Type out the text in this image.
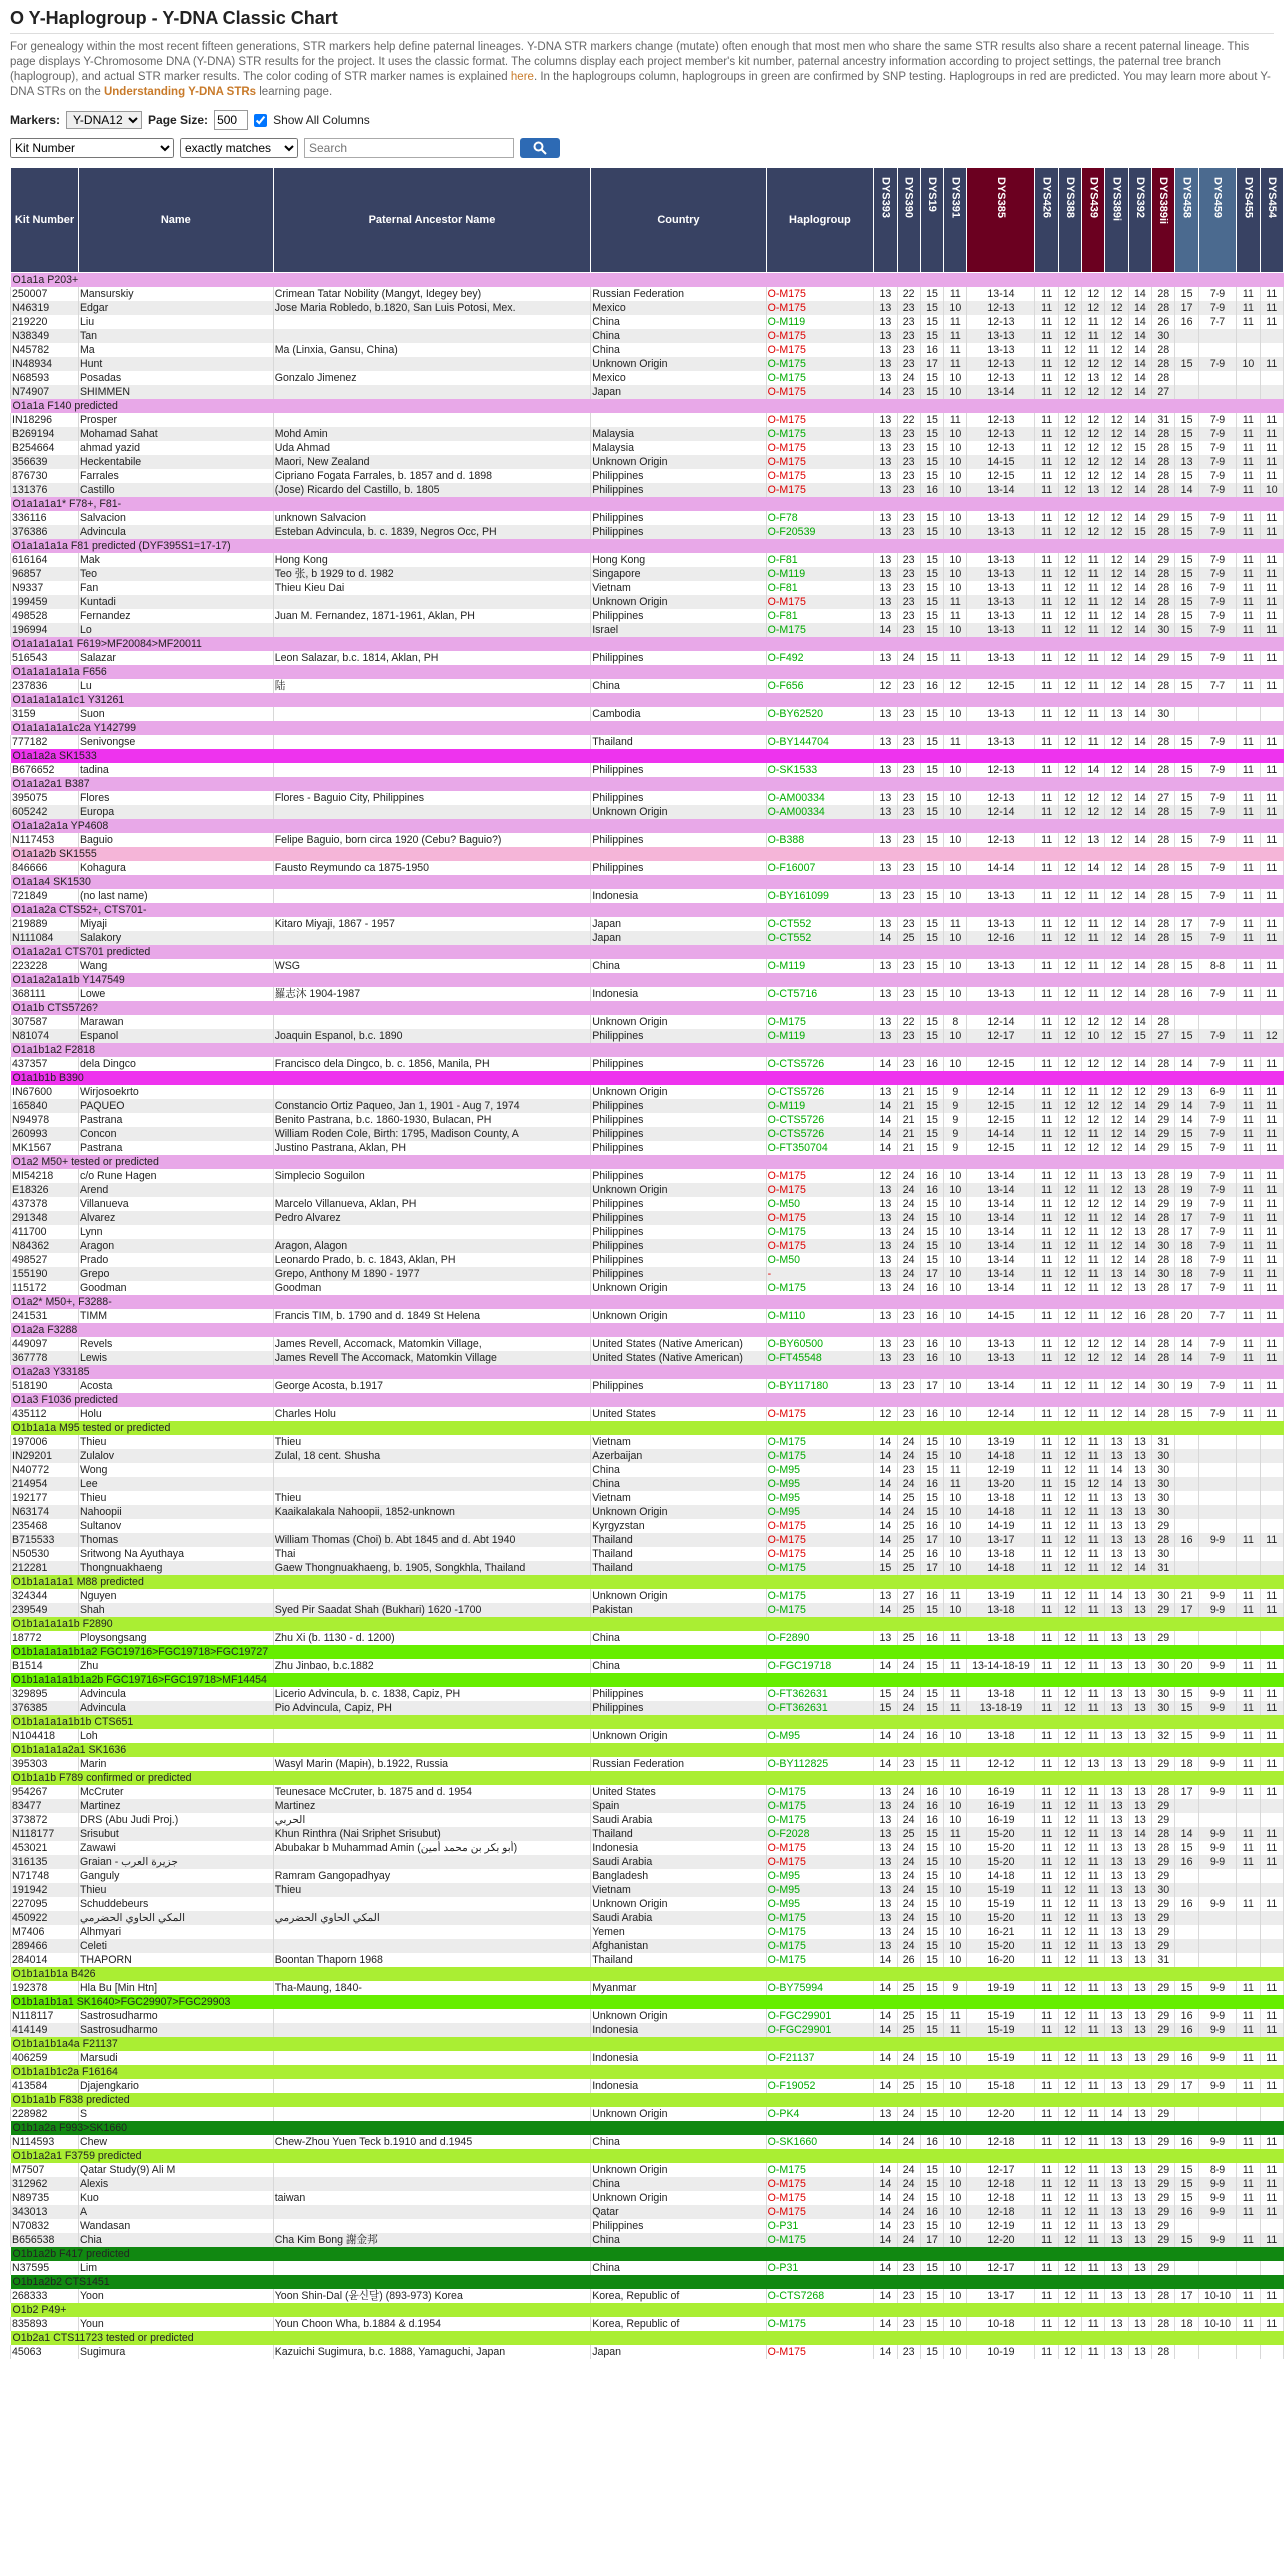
O Y-Haplogroup - Y-DNA Classic Chart

For genealogy within the most recent fifteen generations, STR markers help define paternal lineages. Y-DNA STR markers change (mutate) often enough that most men who share the same STR results also share a recent paternal lineage. This page displays Y-Chromosome DNA (Y-DNA) STR results for the project. It uses the classic format. The columns display each project member's kit number, paternal ancestry information according to project settings, the paternal tree branch (haplogroup), and actual STR marker results. The color coding of STR marker names is explained here. In the haplogroups column, haplogroups in green are confirmed by SNP testing. Haplogroups in red are predicted. You may learn more about Y-DNA STRs on the Understanding Y-DNA STRs learning page.

Markers:
Y-DNA12	Page Size:
500	Show All Columns
Kit Number
exactly matches
Search
Kit Number	Name	Paternal Ancestor Name	Country	Haplogroup	DYS393	DYS390	DYS19	DYS391	DYS385	DYS426	DYS388	DYS439	DYS389i	DYS392	DYS389ii	DYS458	DYS459	DYS455	DYS454

O1a1a P203+																			
250007	Mansurskiy	Crimean Tatar Nobility (Mangyt, Idegey bey)	Russian Federation	O-M175	13	22	15	11	13-14	11	12	12	12	14	28	15	7-9	11	11
N46319	Edgar	Jose Maria Robledo, b.1820, San Luis Potosi, Mex.	Mexico	O-M175	13	23	15	10	12-13	11	12	12	12	14	28	17	7-9	11	11
219220	Liu		China	O-M119	13	23	15	11	12-13	11	12	11	12	14	26	16	7-7	11	11
N38349	Tan		China	O-M175	13	23	15	11	13-13	11	12	11	12	14	30				
N45782	Ma	Ma (Linxia, Gansu, China)	China	O-M175	13	23	16	11	13-13	11	12	11	12	14	28				
IN48934	Hunt		Unknown Origin	O-M175	13	23	17	11	12-13	11	12	12	12	14	28	15	7-9	10	11
N68593	Posadas	Gonzalo Jimenez	Mexico	O-M175	13	24	15	10	12-13	11	12	13	12	14	28				
N74907	SHIMMEN		Japan	O-M175	14	23	15	10	13-14	11	12	12	12	14	27				
O1a1a F140 predicted																			
IN18296	Prosper			O-M175	13	22	15	11	12-13	11	12	12	12	14	31	15	7-9	11	11
B269194	Mohamad Sahat	Mohd Amin	Malaysia	O-M175	13	23	15	10	12-13	11	12	12	12	14	28	15	7-9	11	11
B254664	ahmad yazid	Uda Ahmad	Malaysia	O-M175	13	23	15	10	12-13	11	12	12	12	15	28	15	7-9	11	11
356639	Heckentabile	Maori, New Zealand	Unknown Origin	O-M175	13	23	15	10	14-15	11	12	12	12	14	28	13	7-9	11	11
876730	Farrales	Cipriano Fogata Farrales, b. 1857 and d. 1898	Philippines	O-M175	13	23	15	10	12-15	11	12	12	12	14	28	15	7-9	11	11
131376	Castillo	(Jose) Ricardo del Castillo, b. 1805	Philippines	O-M175	13	23	16	10	13-14	11	12	13	12	14	28	14	7-9	11	10
O1a1a1a1* F78+, F81-																			
336116	Salvacion	unknown Salvacion	Philippines	O-F78	13	23	15	10	13-13	11	12	12	12	14	29	15	7-9	11	11
376386	Advincula	Esteban Advincula, b. c. 1839, Negros Occ, PH	Philippines	O-F20539	13	23	15	10	13-13	11	12	12	12	15	28	15	7-9	11	11
O1a1a1a1a F81 predicted (DYF395S1=17-17)																			
616164	Mak	Hong Kong	Hong Kong	O-F81	13	23	15	10	13-13	11	12	11	12	14	29	15	7-9	11	11
96857	Teo	Teo 张, b 1929 to d. 1982	Singapore	O-M119	13	23	15	10	13-13	11	12	11	12	14	28	15	7-9	11	11
N9337	Fan	Thieu Kieu Dai	Vietnam	O-F81	13	23	15	10	13-13	11	12	11	12	14	28	16	7-9	11	11
199459	Kuntadi		Unknown Origin	O-M175	13	23	15	11	13-13	11	12	11	12	14	28	15	7-9	11	11
498528	Fernandez	Juan M. Fernandez, 1871-1961, Aklan, PH	Philippines	O-F81	13	23	15	11	13-13	11	12	11	12	14	28	15	7-9	11	11
196994	Lo		Israel	O-M175	14	23	15	10	13-13	11	12	11	12	14	30	15	7-9	11	11
O1a1a1a1a1 F619>MF20084>MF20011																			
516543	Salazar	Leon Salazar, b.c. 1814, Aklan, PH	Philippines	O-F492	13	24	15	11	13-13	11	12	11	12	14	29	15	7-9	11	11
O1a1a1a1a1a F656																			
237836	Lu	陆	China	O-F656	12	23	16	12	12-15	11	12	11	12	14	28	15	7-7	11	11
O1a1a1a1a1c1 Y31261																			
3159	Suon		Cambodia	O-BY62520	13	23	15	10	13-13	11	12	11	13	14	30				
O1a1a1a1a1c2a Y142799																			
777182	Senivongse		Thailand	O-BY144704	13	23	15	11	13-13	11	12	11	12	14	28	15	7-9	11	11
O1a1a2a SK1533																			
B676652	tadina		Philippines	O-SK1533	13	23	15	10	12-13	11	12	14	12	14	28	15	7-9	11	11
O1a1a2a1 B387																			
395075	Flores	Flores - Baguio City, Philippines	Philippines	O-AM00334	13	23	15	10	12-13	11	12	12	12	14	27	15	7-9	11	11
605242	Europa		Unknown Origin	O-AM00334	13	23	15	10	12-14	11	12	12	12	14	28	15	7-9	11	11
O1a1a2a1a YP4608																			
N117453	Baguio	Felipe Baguio, born circa 1920 (Cebu? Baguio?)	Philippines	O-B388	13	23	15	10	12-13	11	12	13	12	14	28	15	7-9	11	11
O1a1a2b SK1555																			
846666	Kohagura	Fausto Reymundo ca 1875-1950	Philippines	O-F16007	13	23	15	10	14-14	11	12	14	12	14	28	15	7-9	11	11
O1a1a4 SK1530																			
721849	(no last name)		Indonesia	O-BY161099	13	23	15	10	13-13	11	12	11	12	14	28	15	7-9	11	11
O1a1a2a CTS52+, CTS701-																			
219889	Miyaji	Kitaro Miyaji, 1867 - 1957	Japan	O-CT552	13	23	15	11	13-13	11	12	11	12	14	28	17	7-9	11	11
N111084	Salakory		Japan	O-CT552	14	25	15	10	12-16	11	12	11	12	14	28	15	7-9	11	11
O1a1a2a1 CTS701 predicted																			
223228	Wang	WSG	China	O-M119	13	23	15	10	13-13	11	12	11	12	14	28	15	8-8	11	11
O1a1a2a1a1b Y147549																			
368111	Lowe	羅志沐 1904-1987	Indonesia	O-CT5716	13	23	15	10	13-13	11	12	11	12	14	28	16	7-9	11	11
O1a1b CTS5726?																			
307587	Marawan		Unknown Origin	O-M175	13	22	15	8	12-14	11	12	12	12	14	28				
N81074	Espanol	Joaquin Espanol, b.c. 1890	Philippines	O-M119	13	23	15	10	12-17	11	12	10	12	15	27	15	7-9	11	12
O1a1b1a2 F2818																			
437357	dela Dingco	Francisco dela Dingco, b. c. 1856, Manila, PH	Philippines	O-CTS5726	14	23	16	10	12-15	11	12	12	12	14	28	14	7-9	11	11
O1a1b1b B390																			
IN67600	Wirjosoekrto		Unknown Origin	O-CTS5726	13	21	15	9	12-14	11	12	11	12	12	29	13	6-9	11	11
165840	PAQUEO	Constancio Ortiz Paqueo, Jan 1, 1901 - Aug 7, 1974	Philippines	O-M119	14	21	15	9	12-15	11	12	12	12	14	29	14	7-9	11	11
N94978	Pastrana	Benito Pastrana, b.c. 1860-1930, Bulacan, PH	Philippines	O-CTS5726	14	21	15	9	12-15	11	12	12	12	14	29	14	7-9	11	11
260993	Concon	William Roden Cole, Birth: 1795, Madison County, A	Philippines	O-CTS5726	14	21	15	9	14-14	11	12	11	12	14	29	15	7-9	11	11
MK1567	Pastrana	Justino Pastrana, Aklan, PH	Philippines	O-FT350704	14	21	15	9	12-15	11	12	12	12	14	29	15	7-9	11	11
O1a2 M50+ tested or predicted																			
MI54218	c/o Rune Hagen	Simplecio Soguilon	Philippines	O-M175	12	24	16	10	13-14	11	12	11	13	13	28	19	7-9	11	11
E18326	Arend		Unknown Origin	O-M175	13	24	16	10	13-14	11	12	11	12	13	28	19	7-9	11	11
437378	Villanueva	Marcelo Villanueva, Aklan, PH	Philippines	O-M50	13	24	15	10	13-14	11	12	12	12	14	29	19	7-9	11	11
291348	Alvarez	Pedro Alvarez	Philippines	O-M175	13	24	15	10	13-14	11	12	11	12	14	28	17	7-9	11	11
411700	Lynn		Philippines	O-M175	13	24	15	10	13-14	11	12	11	12	13	28	17	7-9	11	11
N84362	Aragon	Aragon, Alagon	Philippines	O-M175	13	24	15	10	13-14	11	12	11	12	14	30	18	7-9	11	11
498527	Prado	Leonardo Prado, b. c. 1843, Aklan, PH	Philippines	O-M50	13	24	15	10	13-14	11	12	11	12	14	28	18	7-9	11	11
155190	Grepo	Grepo, Anthony M 1890 - 1977	Philippines	-	13	24	17	10	13-14	11	12	11	13	14	30	18	7-9	11	11
115172	Goodman	Goodman	Unknown Origin	O-M175	13	24	16	10	13-14	11	12	11	12	13	28	17	7-9	11	11
O1a2* M50+, F3288-																			
241531	TIMM	Francis TIM, b. 1790 and d. 1849 St Helena	Unknown Origin	O-M110	13	23	16	10	14-15	11	12	11	12	16	28	20	7-7	11	11
O1a2a F3288																			
449097	Revels	James Revell, Accomack, Matomkin Village,	United States (Native American)	O-BY60500	13	23	16	10	13-13	11	12	12	12	14	28	14	7-9	11	11
367778	Lewis	James Revell The Accomack, Matomkin Village	United States (Native American)	O-FT45548	13	23	16	10	13-13	11	12	12	12	14	28	14	7-9	11	11
O1a2a3 Y33185																			
518190	Acosta	George Acosta, b.1917	Philippines	O-BY117180	13	23	17	10	13-14	11	12	11	12	14	30	19	7-9	11	11
O1a3 F1036 predicted																			
435112	Holu	Charles Holu	United States	O-M175	12	23	16	10	12-14	11	12	11	12	14	28	15	7-9	11	11
O1b1a1a M95 tested or predicted																			
197006	Thieu	Thieu	Vietnam	O-M175	14	24	15	10	13-19	11	12	11	13	13	31				
IN29201	Zulalov	Zulal, 18 cent. Shusha	Azerbaijan	O-M175	14	24	15	10	14-18	11	12	11	13	13	30				
N40772	Wong		China	O-M95	14	23	15	11	12-19	11	12	11	14	13	30				
214954	Lee		China	O-M95	14	24	16	11	13-20	11	15	12	14	13	30				
192177	Thieu	Thieu	Vietnam	O-M95	14	25	15	10	13-18	11	12	11	13	13	30				
N63174	Nahoopii	Kaaikalakala Nahoopii, 1852-unknown	Unknown Origin	O-M95	14	24	15	10	14-18	11	12	11	13	13	30				
235468	Sultanov		Kyrgyzstan	O-M175	14	25	16	10	14-19	11	12	11	13	13	29				
B715533	Thomas	William Thomas (Choi) b. Abt 1845 and d. Abt 1940	Thailand	O-M175	14	25	17	10	13-17	11	12	11	13	13	28	16	9-9	11	11
N50530	Sritwong Na Ayuthaya	Thai	Thailand	O-M175	14	25	16	10	13-18	11	12	11	13	13	30				
212281	Thongnuakhaeng	Gaew Thongnuakhaeng, b. 1905, Songkhla, Thailand	Thailand	O-M175	15	25	17	10	14-18	11	12	11	12	14	31				
O1b1a1a1a1 M88 predicted																			
324344	Nguyen		Unknown Origin	O-M175	13	27	16	11	13-19	11	12	11	14	13	30	21	9-9	11	11
239549	Shah	Syed Pir Saadat Shah (Bukhari) 1620 -1700	Pakistan	O-M175	14	25	15	10	13-18	11	12	11	13	13	29	17	9-9	11	11
O1b1a1a1a1b F2890																			
18772	Ploysongsang	Zhu Xi (b. 1130 - d. 1200)	China	O-F2890	13	25	16	11	13-18	11	12	11	13	13	29				
O1b1a1a1a1b1a2 FGC19716>FGC19718>FGC19727																			
B1514	Zhu	Zhu Jinbao, b.c.1882	China	O-FGC19718	14	24	15	11	13-14-18-19	11	12	11	13	13	30	20	9-9	11	11
O1b1a1a1a1b1a2b FGC19716>FGC19718>MF14454																			
329895	Advincula	Licerio Advincula, b. c. 1838, Capiz, PH	Philippines	O-FT362631	15	24	15	11	13-18	11	12	11	13	13	30	15	9-9	11	11
376385	Advincula	Pio Advincula, Capiz, PH	Philippines	O-FT362631	15	24	15	11	13-18-19	11	12	11	13	13	30	15	9-9	11	11
O1b1a1a1a1b1b CTS651																			
N104418	Loh		Unknown Origin	O-M95	14	24	16	10	13-18	11	12	11	13	13	32	15	9-9	11	11
O1b1a1a1a2a1 SK1636																			
395303	Marin	Wasyl Marin (Марiн), b.1922, Russia	Russian Federation	O-BY112825	14	23	15	11	12-12	11	12	13	13	13	29	18	9-9	11	11
O1b1a1b F789 confirmed or predicted																			
954267	McCruter	Teunesace McCruter, b. 1875 and d. 1954	United States	O-M175	13	24	16	10	16-19	11	12	11	13	13	28	17	9-9	11	11
83477	Martinez	Martinez	Spain	O-M175	13	24	16	10	16-19	11	12	11	13	13	29				
373872	DRS (Abu Judi Proj.)	الحربي	Saudi Arabia	O-M175	13	24	16	10	16-19	11	12	11	13	13	29				
N118177	Srisubut	Khun Rinthra (Nai Sriphet Srisubut)	Thailand	O-F2028	13	25	15	11	15-20	11	12	11	13	14	28	14	9-9	11	11
453021	Zawawi	Abubakar b Muhammad Amin (أبو بكر بن محمد أمين)	Indonesia	O-M175	13	24	15	10	15-20	11	12	11	13	13	28	15	9-9	11	11
316135	Graian - جزيرة العرب		Saudi Arabia	O-M175	13	24	15	10	15-20	11	12	11	13	13	29	16	9-9	11	11
N71748	Ganguly	Ramram Gangopadhyay	Bangladesh	O-M95	13	24	15	10	14-18	11	12	11	13	13	29				
191942	Thieu	Thieu	Vietnam	O-M95	13	24	15	10	15-19	11	12	11	13	13	30				
227095	Schuddebeurs		Unknown Origin	O-M95	13	24	15	10	15-19	11	12	11	13	13	29	16	9-9	11	11
450922	المكي الحاوي الحضرمي	المكي الحاوي الحضرمي	Saudi Arabia	O-M175	13	24	15	10	15-20	11	12	11	13	13	29				
M7406	Alhmyari		Yemen	O-M175	13	24	15	10	16-21	11	12	11	13	13	29				
289466	Celeti		Afghanistan	O-M175	13	24	15	10	15-20	11	12	11	13	13	29				
284014	THAPORN	Boontan Thaporn 1968	Thailand	O-M175	14	26	15	10	16-20	11	12	11	13	13	31				
O1b1a1b1a B426																			
192378	Hla Bu [Min Htn]	Tha-Maung, 1840-	Myanmar	O-BY75994	14	25	15	9	19-19	11	12	11	13	13	29	15	9-9	11	11
O1b1a1b1a1 SK1640>FGC29907>FGC29903																			
N118117	Sastrosudharmo		Unknown Origin	O-FGC29901	14	25	15	11	15-19	11	12	11	13	13	29	16	9-9	11	11
414149	Sastrosudharmo		Indonesia	O-FGC29901	14	25	15	11	15-19	11	12	11	13	13	29	16	9-9	11	11
O1b1a1b1a4a F21137																			
406259	Marsudi		Indonesia	O-F21137	14	24	15	10	15-19	11	12	11	13	13	29	16	9-9	11	11
O1b1a1b1c2a F16164																			
413584	Djajengkario		Indonesia	O-F19052	14	25	15	10	15-18	11	12	11	13	13	29	17	9-9	11	11
O1b1a1b F838 predicted																			
228982	S		Unknown Origin	O-PK4	13	24	15	10	12-20	11	12	11	14	13	29				
O1b1a2a F993>SK1660																			
N114593	Chew	Chew-Zhou Yuen Teck b.1910 and d.1945	China	O-SK1660	14	24	16	10	12-18	11	12	11	13	13	29	16	9-9	11	11
O1b1a2a1 F3759 predicted																			
M7507	Qatar Study(9) Ali M		Unknown Origin	O-M175	14	24	15	10	12-17	11	12	11	13	13	29	15	8-9	11	11
312962	Alexis		China	O-M175	14	24	15	10	12-18	11	12	11	13	13	29	15	9-9	11	11
N89735	Kuo	taiwan	Unknown Origin	O-M175	14	24	15	10	12-18	11	12	11	13	13	29	15	9-9	11	11
343013	A		Qatar	O-M175	14	24	16	10	12-18	11	12	11	13	13	29	16	9-9	11	11
N70832	Wandasan		Philippines	O-P31	14	23	15	10	12-19	11	12	11	13	13	29				
B656538	Chia	Cha Kim Bong 謝金邦	China	O-M175	14	24	17	10	12-20	11	12	11	13	13	29	15	9-9	11	11
O1b1a2b F417 predicted																			
N37595	Lim		China	O-P31	14	23	15	10	12-17	11	12	11	13	13	29				
O1b1a2b2 CTS1451																			
268333	Yoon	Yoon Shin-Dal (윤신달) (893-973) Korea	Korea, Republic of	O-CTS7268	14	23	15	10	13-17	11	12	11	13	13	28	17	10-10	11	11
O1b2 P49+																			
835893	Youn	Youn Choon Wha, b.1884 & d.1954	Korea, Republic of	O-M175	14	23	15	10	10-18	11	12	11	13	13	28	18	10-10	11	11
O1b2a1 CTS11723 tested or predicted																			
45063	Sugimura	Kazuichi Sugimura, b.c. 1888, Yamaguchi, Japan	Japan	O-M175	14	23	15	10	10-19	11	12	11	13	13	28				
